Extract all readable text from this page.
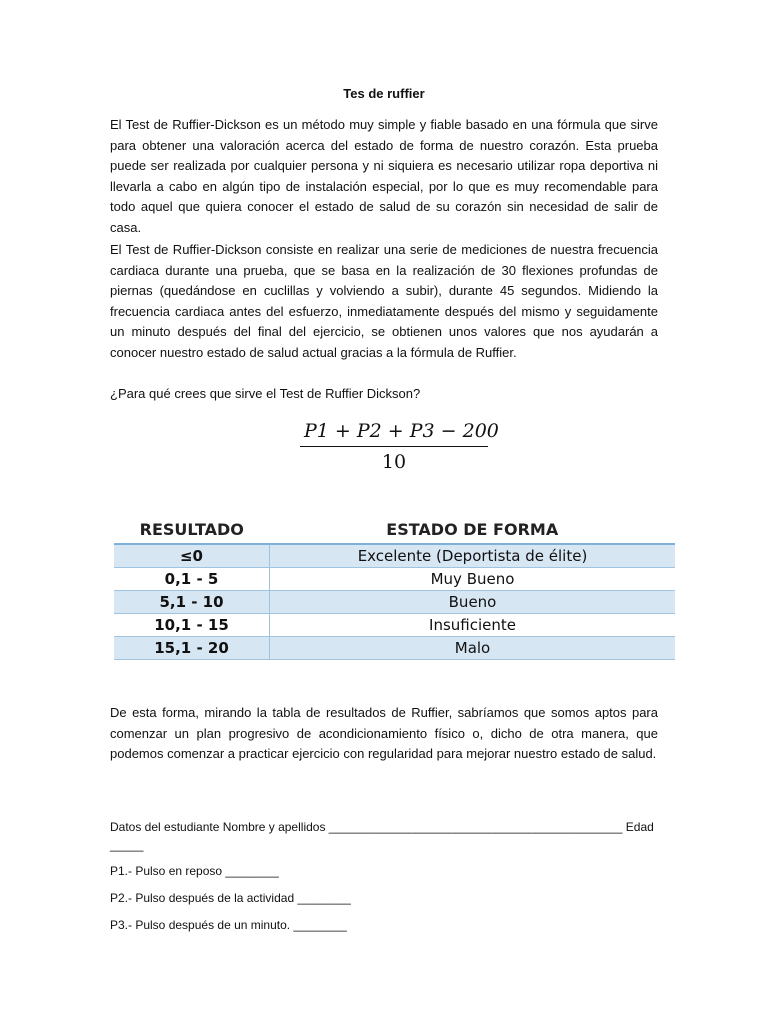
Tes de ruffier

El Test de Ruffier-Dickson es un método muy simple y fiable basado en una fórmula que sirve para obtener una valoración acerca del estado de forma de nuestro corazón. Esta prueba puede ser realizada por cualquier persona y ni siquiera es necesario utilizar ropa deportiva ni llevarla a cabo en algún tipo de instalación especial, por lo que es muy recomendable para todo aquel que quiera conocer el estado de salud de su corazón sin necesidad de salir de casa.

El Test de Ruffier-Dickson consiste en realizar una serie de mediciones de nuestra frecuencia cardiaca durante una prueba, que se basa en la realización de 30 flexiones profundas de piernas (quedándose en cuclillas y volviendo a subir), durante 45 segundos. Midiendo la frecuencia cardiaca antes del esfuerzo, inmediatamente después del mismo y seguidamente un minuto después del final del ejercicio, se obtienen unos valores que nos ayudarán a conocer nuestro estado de salud actual gracias a la fórmula de Ruffier.

¿Para qué crees que sirve el Test de Ruffier Dickson?

P1 + P2 + P3 − 200
10
RESULTADO	ESTADO DE FORMA
≤0	Excelente (Deportista de élite)
0,1 - 5	Muy Bueno
5,1 - 10	Bueno
10,1 - 15	Insuficiente
15,1 - 20	Malo

De esta forma, mirando la tabla de resultados de Ruffier, sabríamos que somos aptos para comenzar un plan progresivo de acondicionamiento físico o, dicho de otra manera, que podemos comenzar a practicar ejercicio con regularidad para mejorar nuestro estado de salud.

Datos del estudiante Nombre y apellidos ____________________________________________ Edad _____
P1.- Pulso en reposo ________
P2.- Pulso después de la actividad ________
P3.- Pulso después de un minuto. ________
